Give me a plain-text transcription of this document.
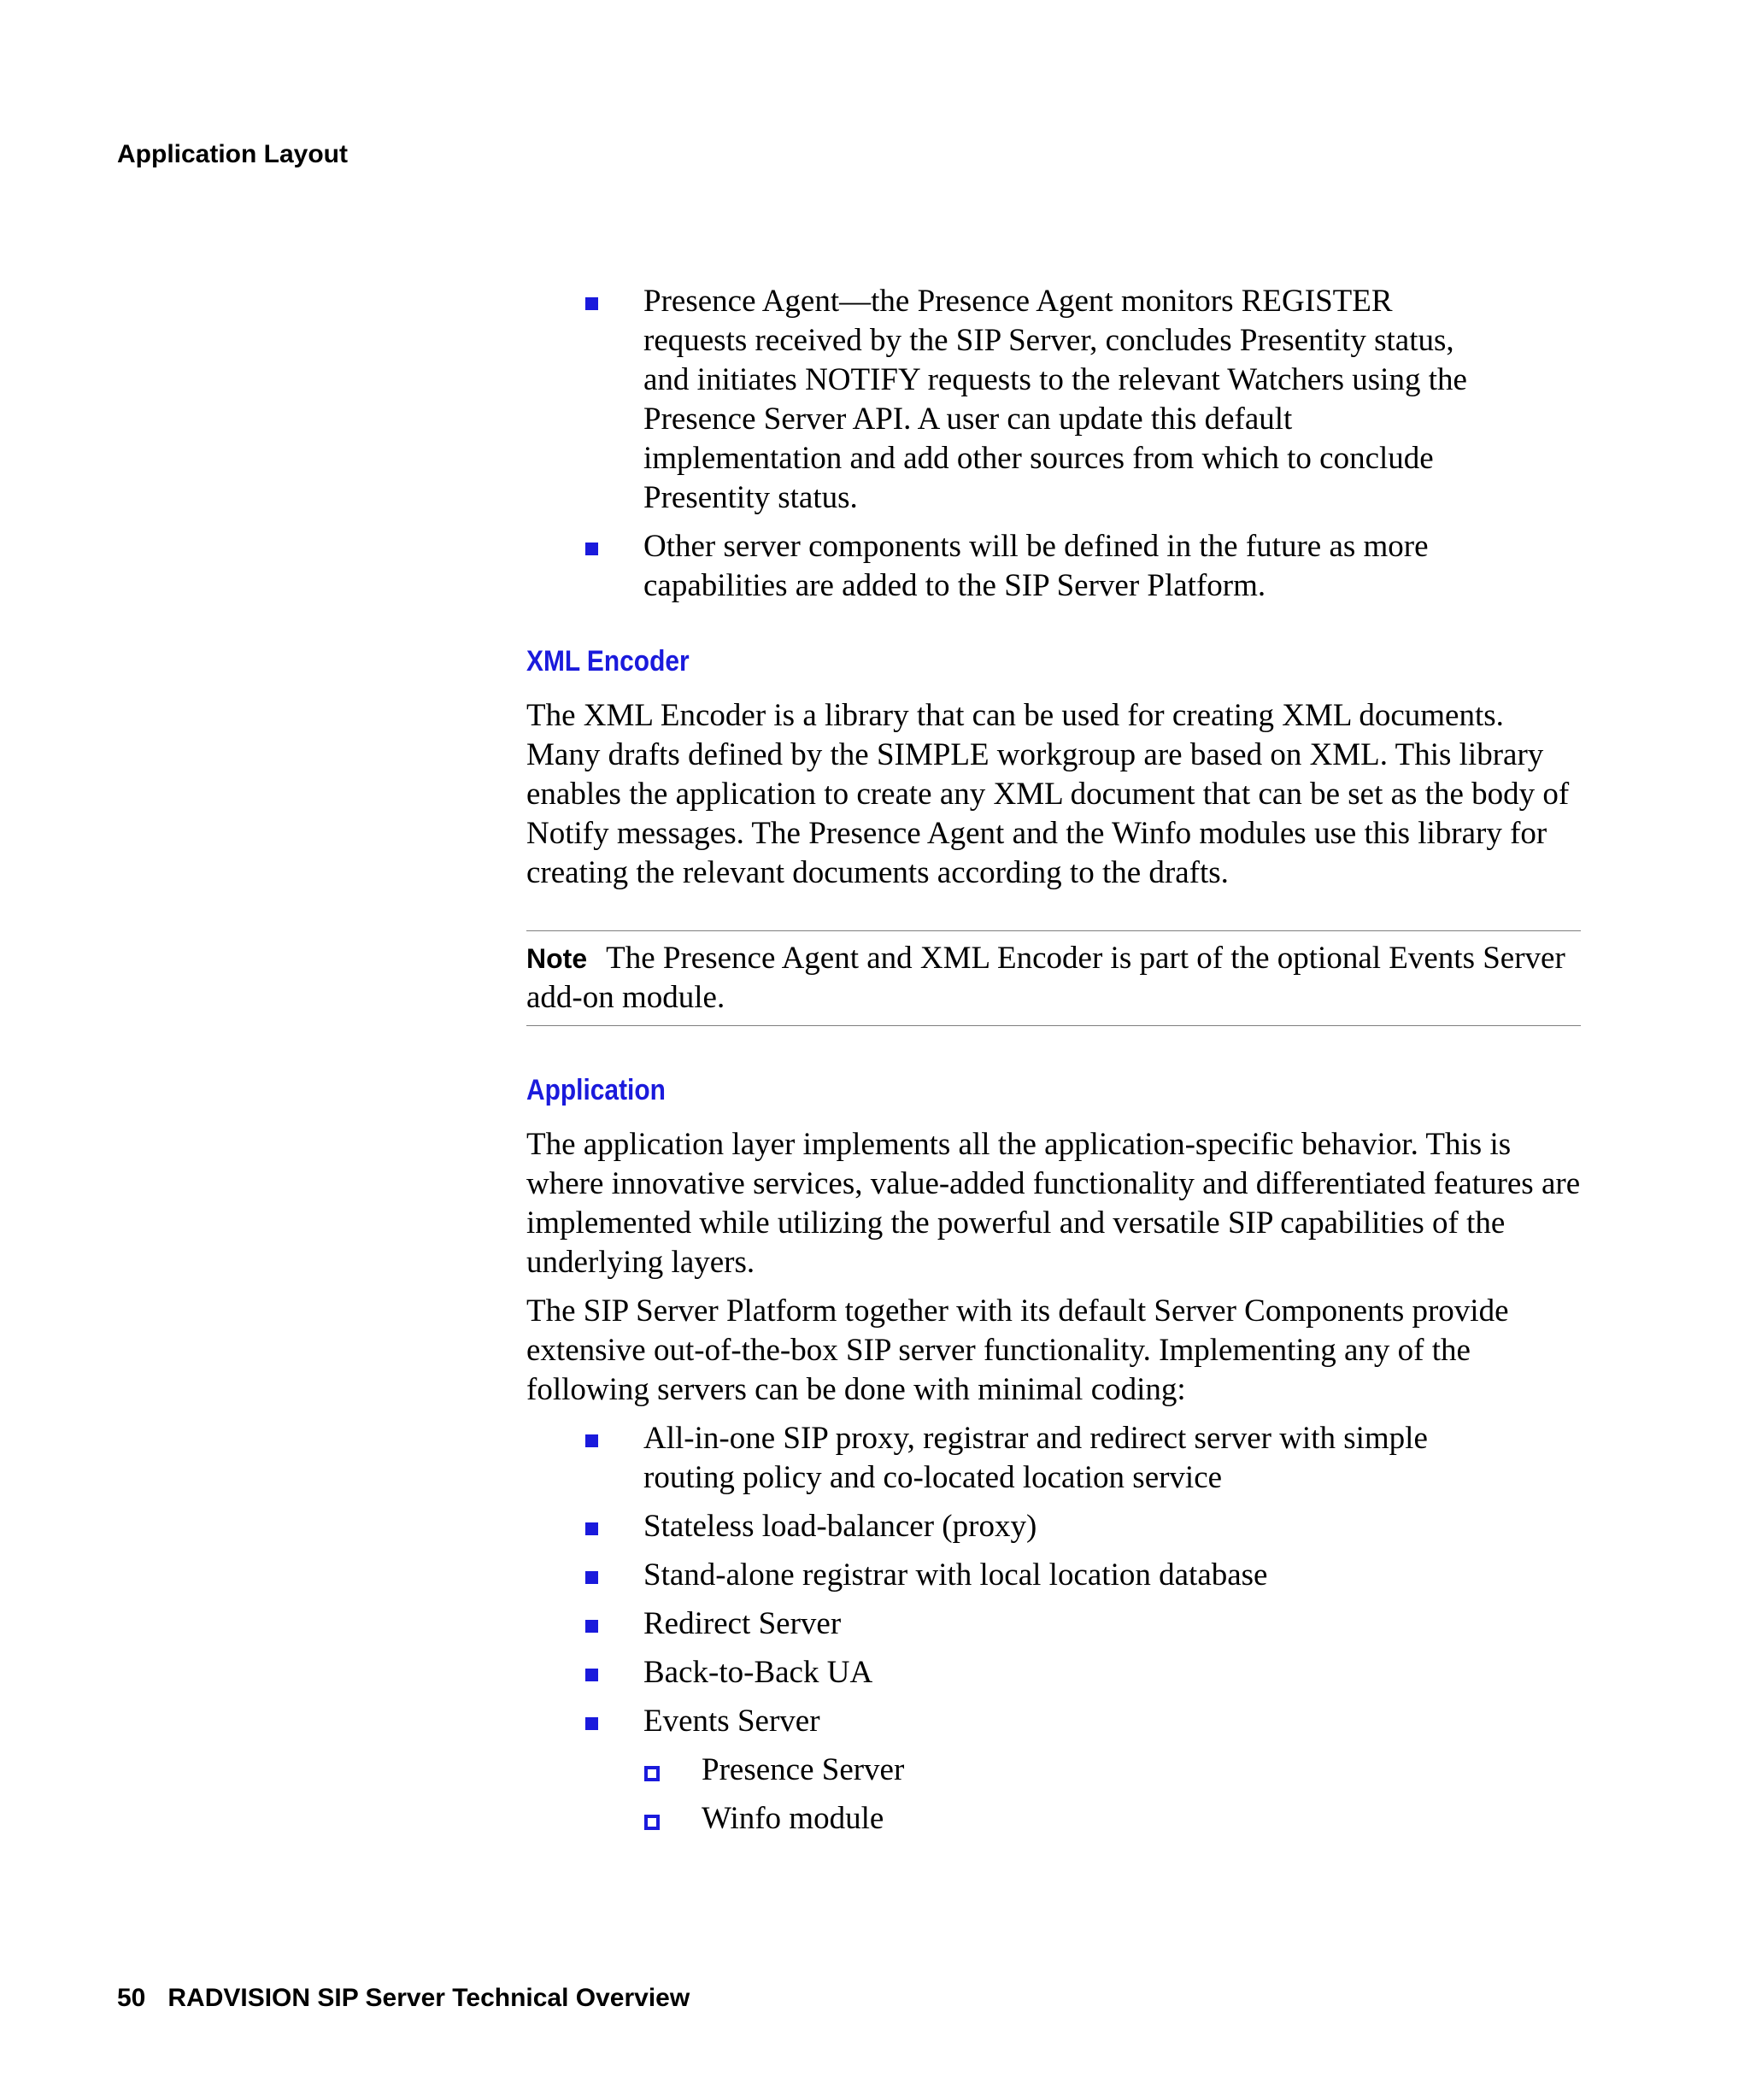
Application Layout
Presence Agent—the Presence Agent monitors REGISTER requests received by the SIP Server, concludes Presentity status, and initiates NOTIFY requests to the relevant Watchers using the Presence Server API. A user can update this default implementation and add other sources from which to conclude Presentity status.
Other server components will be defined in the future as more capabilities are added to the SIP Server Platform.
XML Encoder

The XML Encoder is a library that can be used for creating XML documents. Many drafts defined by the SIMPLE workgroup are based on XML. This library enables the application to create any XML document that can be set as the body of Notify messages. The Presence Agent and the Winfo modules use this library for creating the relevant documents according to the drafts.

Note The Presence Agent and XML Encoder is part of the optional Events Server add-on module.
Application

The application layer implements all the application-specific behavior. This is where innovative services, value-added functionality and differentiated features are implemented while utilizing the powerful and versatile SIP capabilities of the underlying layers.

The SIP Server Platform together with its default Server Components provide extensive out-of-the-box SIP server functionality. Implementing any of the following servers can be done with minimal coding:

All-in-one SIP proxy, registrar and redirect server with simple routing policy and co-located location service
Stateless load-balancer (proxy)
Stand-alone registrar with local location database
Redirect Server
Back-to-Back UA
Events Server
Presence Server
Winfo module
50 RADVISION SIP Server Technical Overview
